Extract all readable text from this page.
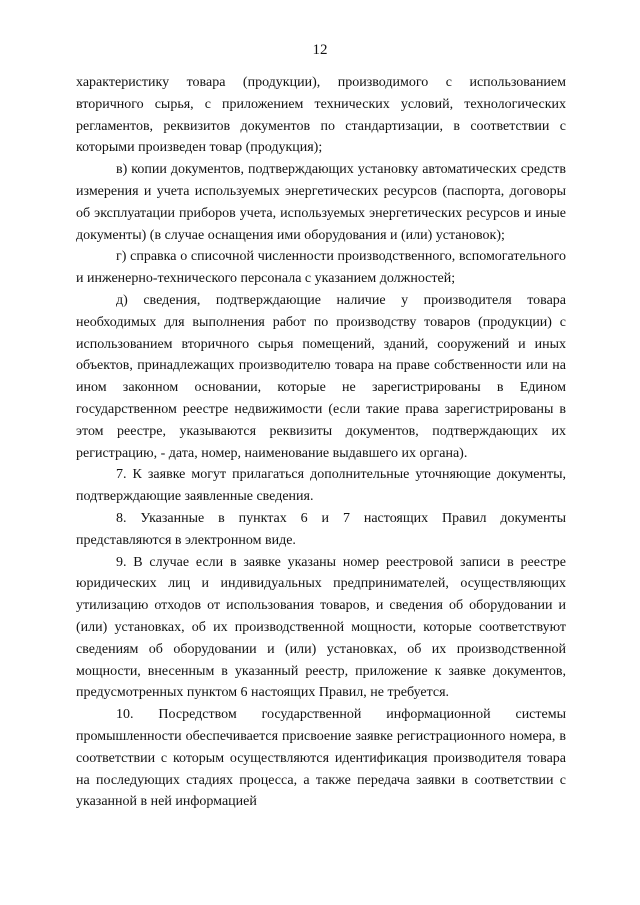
12

характеристику товара (продукции), производимого с использованием вторичного сырья, с приложением технических условий, технологических регламентов, реквизитов документов по стандартизации, в соответствии с которыми произведен товар (продукция);

в) копии документов, подтверждающих установку автоматических средств измерения и учета используемых энергетических ресурсов (паспорта, договоры об эксплуатации приборов учета, используемых энергетических ресурсов и иные документы) (в случае оснащения ими оборудования и (или) установок);

г) справка о списочной численности производственного, вспомогательного и инженерно-технического персонала с указанием должностей;

д) сведения, подтверждающие наличие у производителя товара необходимых для выполнения работ по производству товаров (продукции) с использованием вторичного сырья помещений, зданий, сооружений и иных объектов, принадлежащих производителю товара на праве собственности или на ином законном основании, которые не зарегистрированы в Едином государственном реестре недвижимости (если такие права зарегистрированы в этом реестре, указываются реквизиты документов, подтверждающих их регистрацию, - дата, номер, наименование выдавшего их органа).

7. К заявке могут прилагаться дополнительные уточняющие документы, подтверждающие заявленные сведения.

8. Указанные в пунктах 6 и 7 настоящих Правил документы представляются в электронном виде.

9. В случае если в заявке указаны номер реестровой записи в реестре юридических лиц и индивидуальных предпринимателей, осуществляющих утилизацию отходов от использования товаров, и сведения об оборудовании и (или) установках, об их производственной мощности, которые соответствуют сведениям об оборудовании и (или) установках, об их производственной мощности, внесенным в указанный реестр, приложение к заявке документов, предусмотренных пунктом 6 настоящих Правил, не требуется.

10. Посредством государственной информационной системы промышленности обеспечивается присвоение заявке регистрационного номера, в соответствии с которым осуществляются идентификация производителя товара на последующих стадиях процесса, а также передача заявки в соответствии с указанной в ней информацией
